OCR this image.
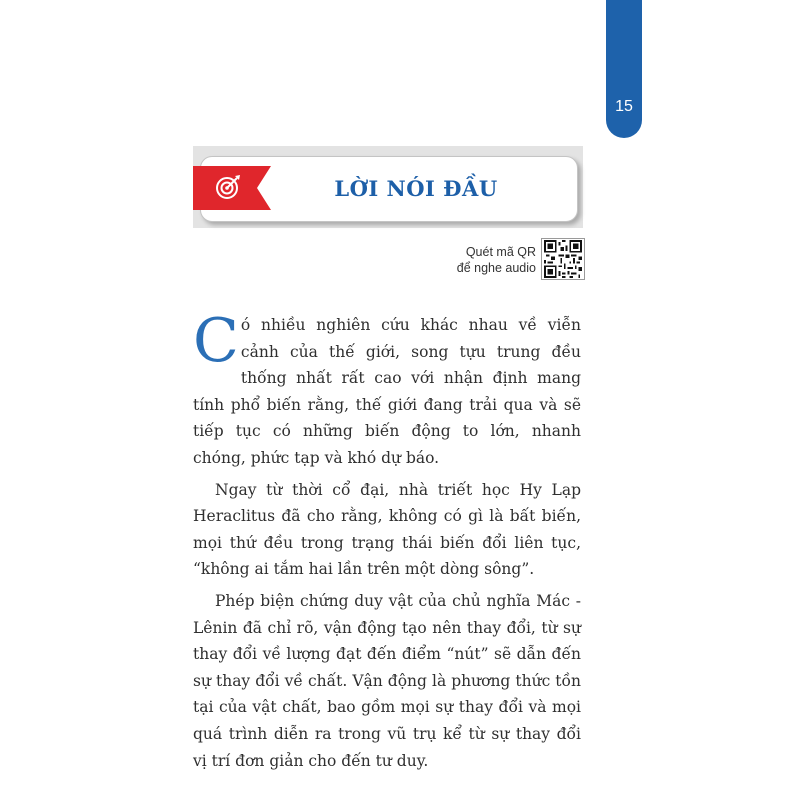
15
LỜI NÓI ĐẦU
Quét mã QR
để nghe audio

Có nhiều nghiên cứu khác nhau về viễn cảnh của thế giới, song tựu trung đều thống nhất rất cao với nhận định mang tính phổ biến rằng, thế giới đang trải qua và sẽ tiếp tục có những biến động to lớn, nhanh chóng, phức tạp và khó dự báo.

Ngay từ thời cổ đại, nhà triết học Hy Lạp Heraclitus đã cho rằng, không có gì là bất biến, mọi thứ đều trong trạng thái biến đổi liên tục, “không ai tắm hai lần trên một dòng sông”.

Phép biện chứng duy vật của chủ nghĩa Mác - Lênin đã chỉ rõ, vận động tạo nên thay đổi, từ sự thay đổi về lượng đạt đến điểm “nút” sẽ dẫn đến sự thay đổi về chất. Vận động là phương thức tồn tại của vật chất, bao gồm mọi sự thay đổi và mọi quá trình diễn ra trong vũ trụ kể từ sự thay đổi vị trí đơn giản cho đến tư duy.
